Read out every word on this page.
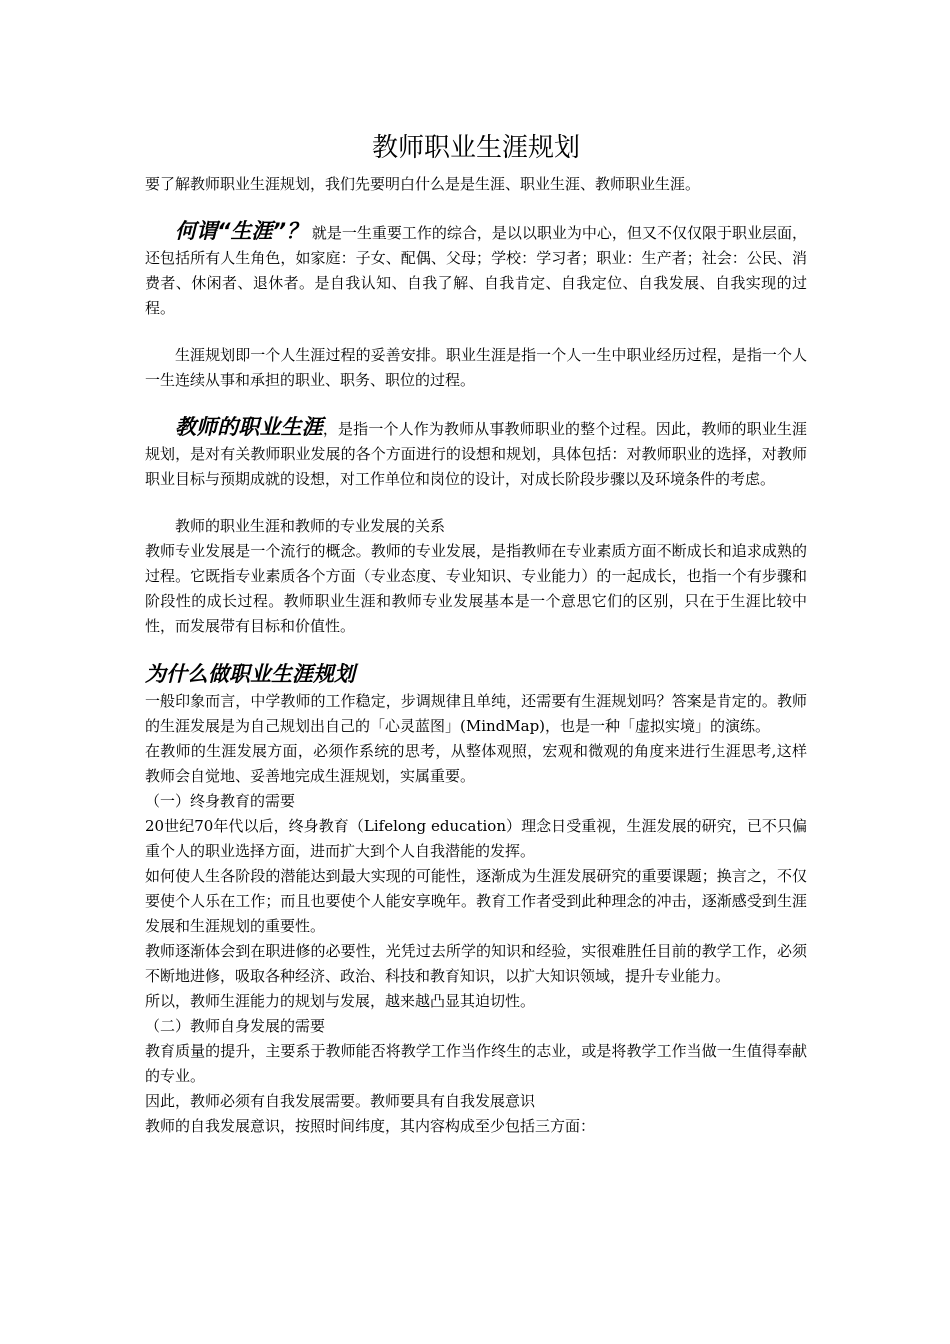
教师职业生涯规划

要了解教师职业生涯规划，我们先要明白什么是是生涯、职业生涯、教师职业生涯。

何谓“生涯”？ 就是一生重要工作的综合，是以以职业为中心，但又不仅仅限于职业层面，还包括所有人生角色，如家庭：子女、配偶、父母；学校：学习者；职业：生产者；社会：公民、消费者、休闲者、退休者。是自我认知、自我了解、自我肯定、自我定位、自我发展、自我实现的过程。

生涯规划即一个人生涯过程的妥善安排。职业生涯是指一个人一生中职业经历过程，是指一个人一生连续从事和承担的职业、职务、职位的过程。

教师的职业生涯，是指一个人作为教师从事教师职业的整个过程。因此，教师的职业生涯规划，是对有关教师职业发展的各个方面进行的设想和规划，具体包括：对教师职业的选择，对教师职业目标与预期成就的设想，对工作单位和岗位的设计，对成长阶段步骤以及环境条件的考虑。

教师的职业生涯和教师的专业发展的关系

教师专业发展是一个流行的概念。教师的专业发展，是指教师在专业素质方面不断成长和追求成熟的过程。它既指专业素质各个方面（专业态度、专业知识、专业能力）的一起成长，也指一个有步骤和阶段性的成长过程。教师职业生涯和教师专业发展基本是一个意思它们的区别，只在于生涯比较中性，而发展带有目标和价值性。

为什么做职业生涯规划

一般印象而言，中学教师的工作稳定，步调规律且单纯，还需要有生涯规划吗？答案是肯定的。教师的生涯发展是为自己规划出自己的「心灵蓝图」(MindMap)，也是一种「虚拟实境」的演练。

在教师的生涯发展方面，必须作系统的思考，从整体观照，宏观和微观的角度来进行生涯思考,这样教师会自觉地、妥善地完成生涯规划，实属重要。

（一）终身教育的需要

20世纪70年代以后，终身教育（Lifelong education）理念日受重视，生涯发展的研究，已不只偏重个人的职业选择方面，进而扩大到个人自我潜能的发挥。

如何使人生各阶段的潜能达到最大实现的可能性，逐渐成为生涯发展研究的重要课题；换言之，不仅要使个人乐在工作；而且也要使个人能安享晚年。教育工作者受到此种理念的冲击，逐渐感受到生涯发展和生涯规划的重要性。

教师逐渐体会到在职进修的必要性，光凭过去所学的知识和经验，实很难胜任目前的教学工作，必须不断地进修，吸取各种经济、政治、科技和教育知识，以扩大知识领域，提升专业能力。

所以，教师生涯能力的规划与发展，越来越凸显其迫切性。

（二）教师自身发展的需要

教育质量的提升，主要系于教师能否将教学工作当作终生的志业，或是将教学工作当做一生值得奉献的专业。

因此，教师必须有自我发展需要。教师要具有自我发展意识

教师的自我发展意识，按照时间纬度，其内容构成至少包括三方面：
